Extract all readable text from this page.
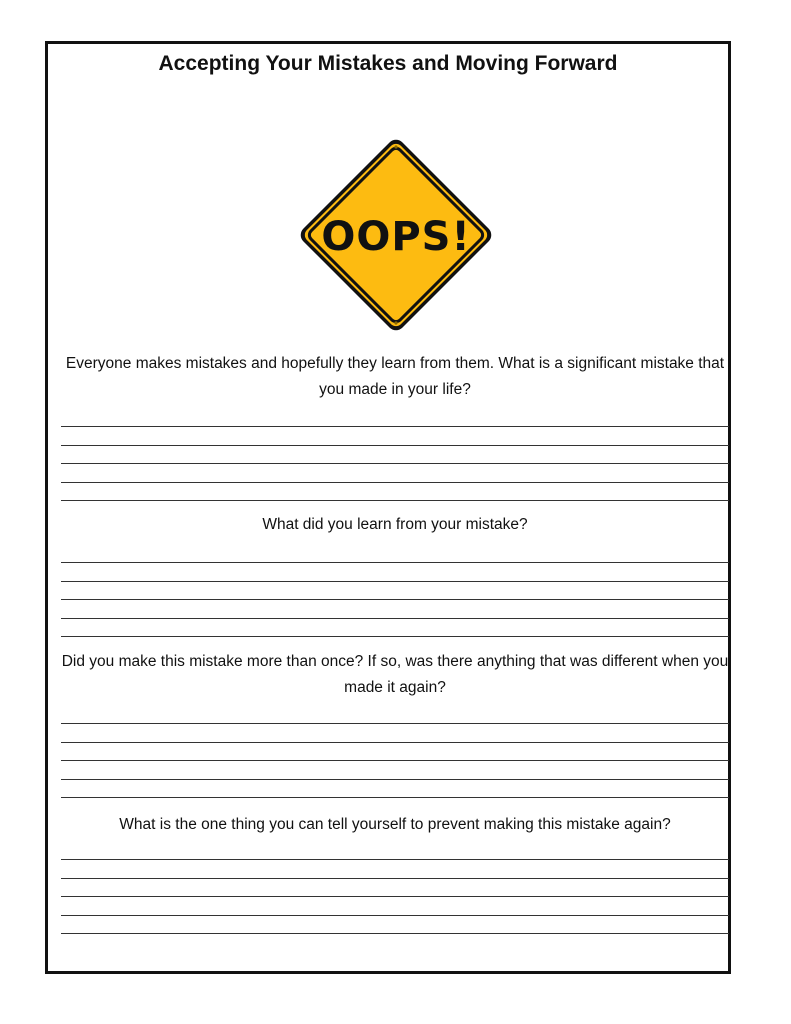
Accepting Your Mistakes and Moving Forward
OOPS!
Everyone makes mistakes and hopefully they learn from them. What is a significant mistake that you made in your life?
What did you learn from your mistake?
Did you make this mistake more than once? If so, was there anything that was different when you made it again?
What is the one thing you can tell yourself to prevent making this mistake again?
